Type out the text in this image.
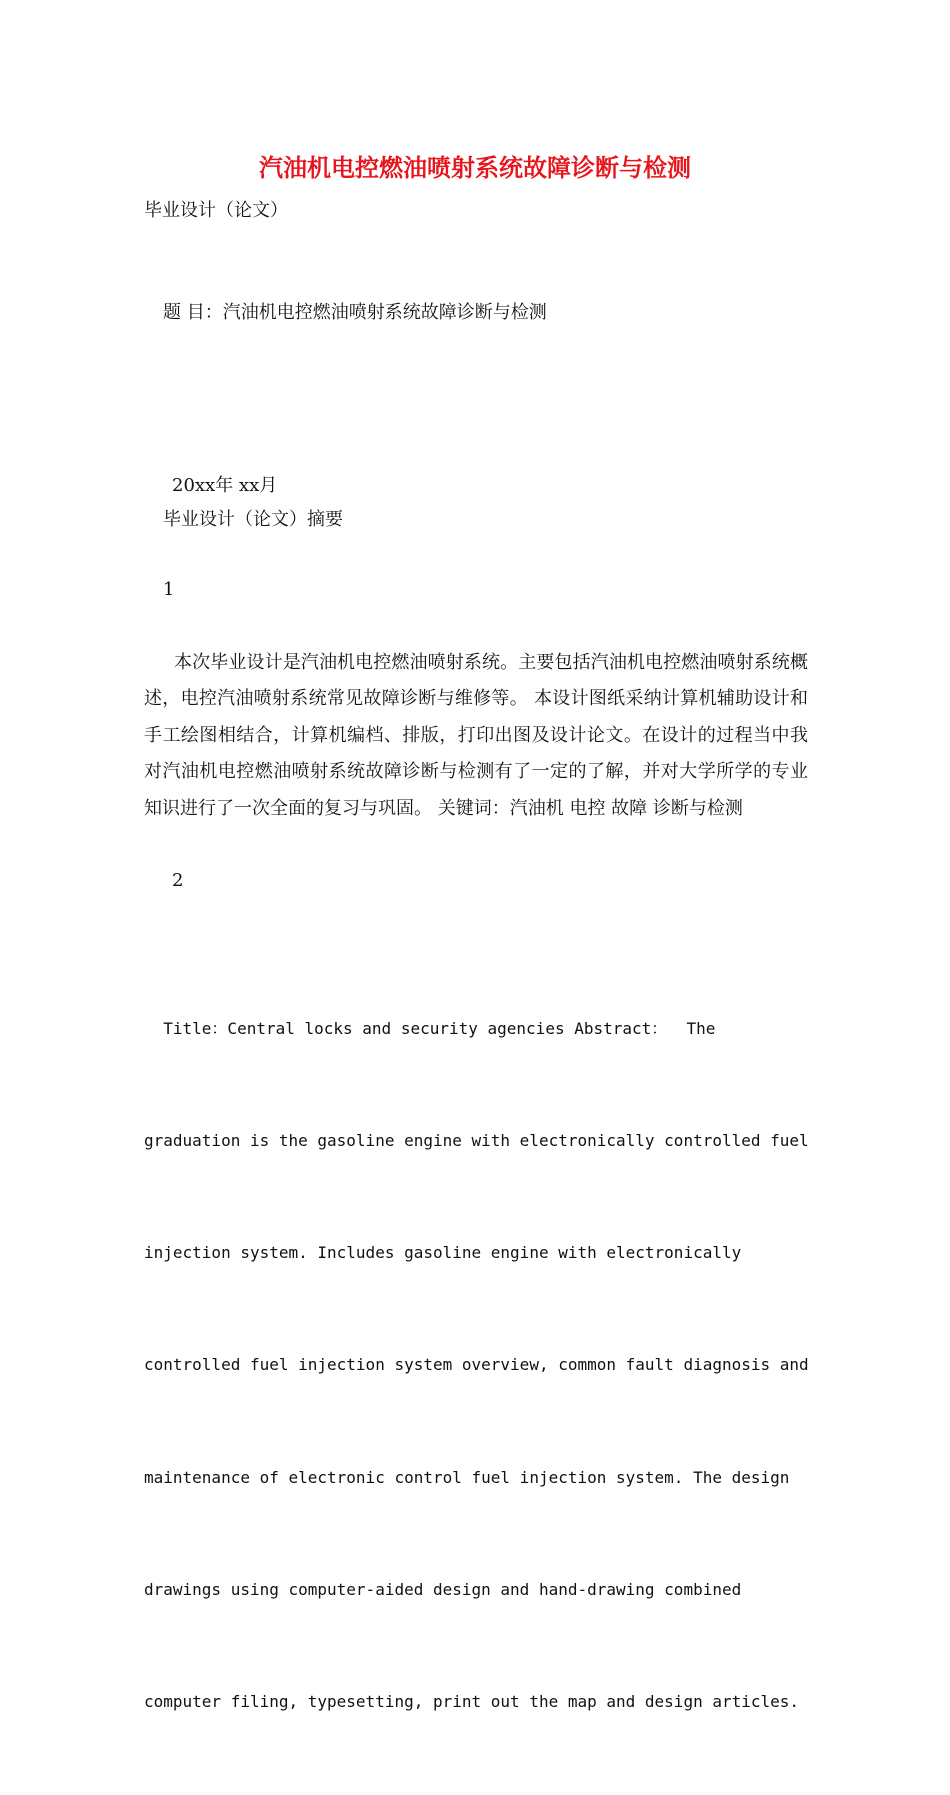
汽油机电控燃油喷射系统故障诊断与检测

毕业设计（论文）

题 目：汽油机电控燃油喷射系统故障诊断与检测

20xx年 xx月

毕业设计（论文）摘要

1

本次毕业设计是汽油机电控燃油喷射系统。主要包括汽油机电控燃油喷射系统概述，电控汽油喷射系统常见故障诊断与维修等。 本设计图纸采纳计算机辅助设计和手工绘图相结合，计算机编档、排版，打印出图及设计论文。在设计的过程当中我对汽油机电控燃油喷射系统故障诊断与检测有了一定的了解，并对大学所学的专业知识进行了一次全面的复习与巩固。 关键词：汽油机 电控 故障 诊断与检测

2

Title：Central locks and security agencies Abstract：  The

graduation is the gasoline engine with electronically controlled fuel

injection system. Includes gasoline engine with electronically

controlled fuel injection system overview, common fault diagnosis and

maintenance of electronic control fuel injection system. The design

drawings using computer-aided design and hand-drawing combined

computer filing, typesetting, print out the map and design articles.
